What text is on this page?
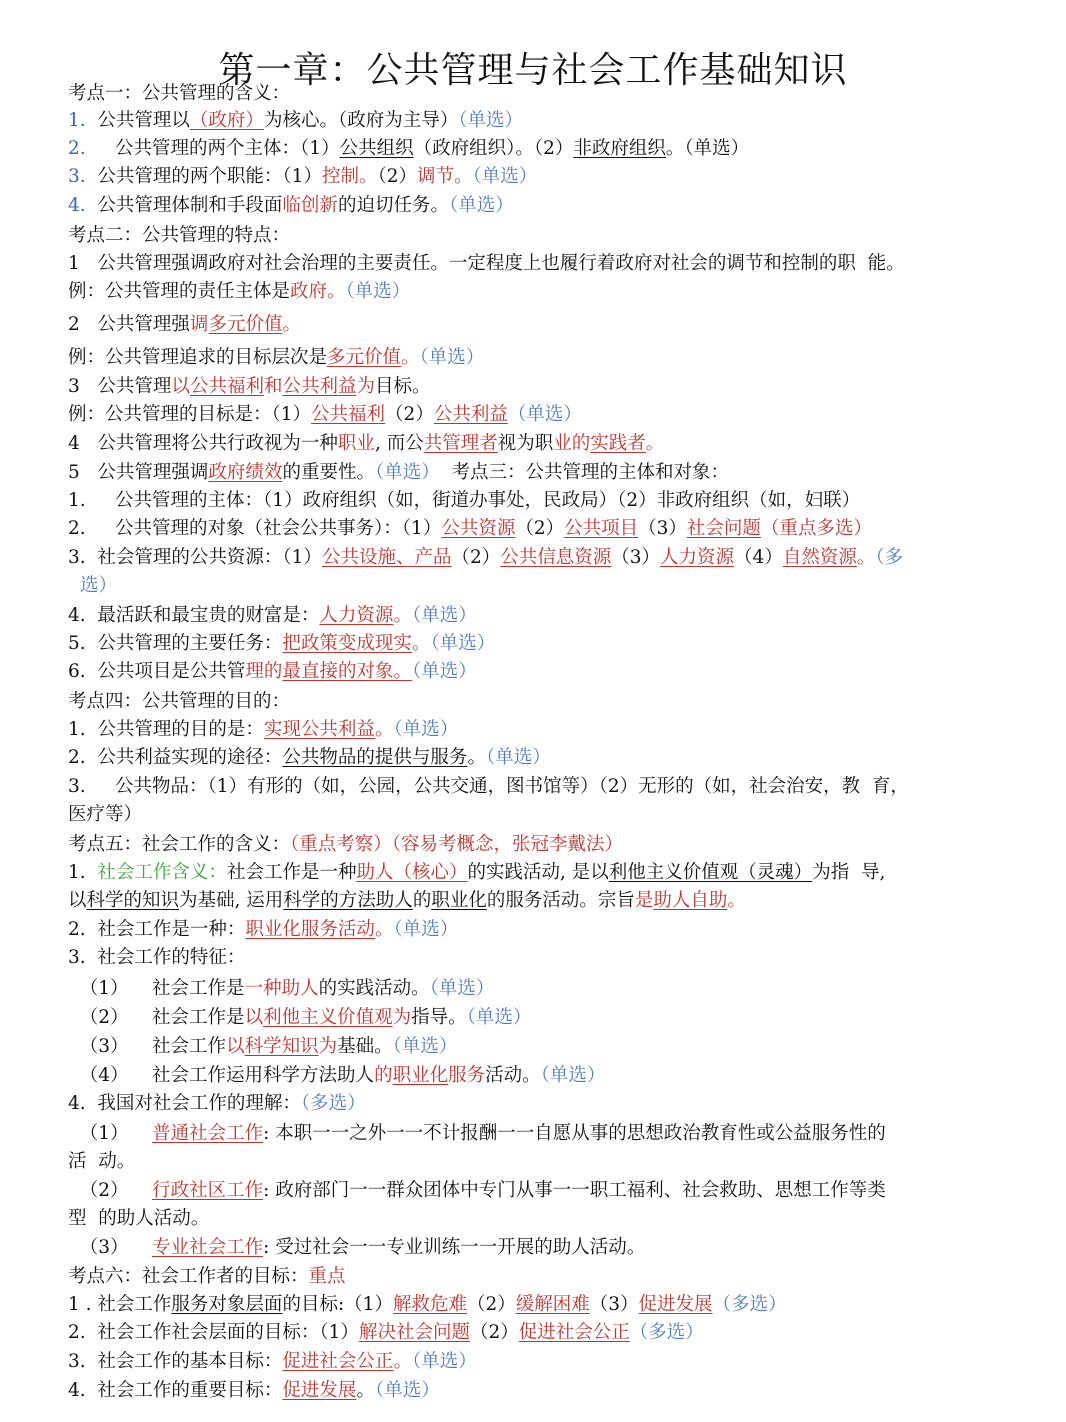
第一章：公共管理与社会工作基础知识
考点一：公共管理的含义：
1.  公共管理以（政府）为核心。（政府为主导）（单选）
2.     公共管理的两个主体：（1）公共组织（政府组织）。（2）非政府组织。（单选）
3.  公共管理的两个职能：（1）控制。（2）调节。（单选）
4.  公共管理体制和手段面临创新的迫切任务。（单选）
考点二：公共管理的特点：
1   公共管理强调政府对社会治理的主要责任。一定程度上也履行着政府对社会的调节和控制的职  能。
例：公共管理的责任主体是政府。（单选）
2   公共管理强调多元价值。
例：公共管理追求的目标层次是多元价值。（单选）
3   公共管理以公共福利和公共利益为目标。
例：公共管理的目标是：（1）公共福利（2）公共利益（单选）
4   公共管理将公共行政视为一种职业, 而公共管理者视为职业的实践者。
5   公共管理强调政府绩效的重要性。（单选）  考点三：公共管理的主体和对象：
1.     公共管理的主体：（1）政府组织（如，街道办事处，民政局）（2）非政府组织（如，妇联）
2.     公共管理的对象（社会公共事务）：（1）公共资源（2）公共项目（3）社会问题（重点多选）
3.  社会管理的公共资源：（1）公共设施、产品（2）公共信息资源（3）人力资源（4）自然资源。（多
选）
4.  最活跃和最宝贵的财富是：人力资源。（单选）
5.  公共管理的主要任务：把政策变成现实。（单选）
6.  公共项目是公共管理的最直接的对象。（单选）
考点四：公共管理的目的：
1.  公共管理的目的是：实现公共利益。（单选）
2.  公共利益实现的途径：公共物品的提供与服务。（单选）
3.     公共物品：（1）有形的（如，公园，公共交通，图书馆等）（2）无形的（如，社会治安，教  育，
医疗等）
考点五：社会工作的含义：（重点考察）（容易考概念，张冠李戴法）
1.  社会工作含义：社会工作是一种助人（核心）的实践活动, 是以利他主义价值观（灵魂）为指  导,
以科学的知识为基础, 运用科学的方法助人的职业化的服务活动。宗旨是助人自助。
2.  社会工作是一种：职业化服务活动。（单选）
3.  社会工作的特征：
（1）    社会工作是一种助人的实践活动。（单选）
（2）    社会工作是以利他主义价值观为指导。（单选）
（3）    社会工作以科学知识为基础。（单选）
（4）    社会工作运用科学方法助人的职业化服务活动。（单选）
4.  我国对社会工作的理解：（多选）
（1）    普通社会工作: 本职一一之外一一不计报酬一一自愿从事的思想政治教育性或公益服务性的
活  动。
（2）    行政社区工作: 政府部门一一群众团体中专门从事一一职工福利、社会救助、思想工作等类
型  的助人活动。
（3）    专业社会工作: 受过社会一一专业训练一一开展的助人活动。
考点六：社会工作者的目标：重点
1 . 社会工作服务对象层面的目标:（1）解救危难（2）缓解困难（3）促进发展（多选）
2.  社会工作社会层面的目标：（1）解决社会问题（2）促进社会公正（多选）
3.  社会工作的基本目标：促进社会公正。（单选）
4.  社会工作的重要目标：促进发展。（单选）
